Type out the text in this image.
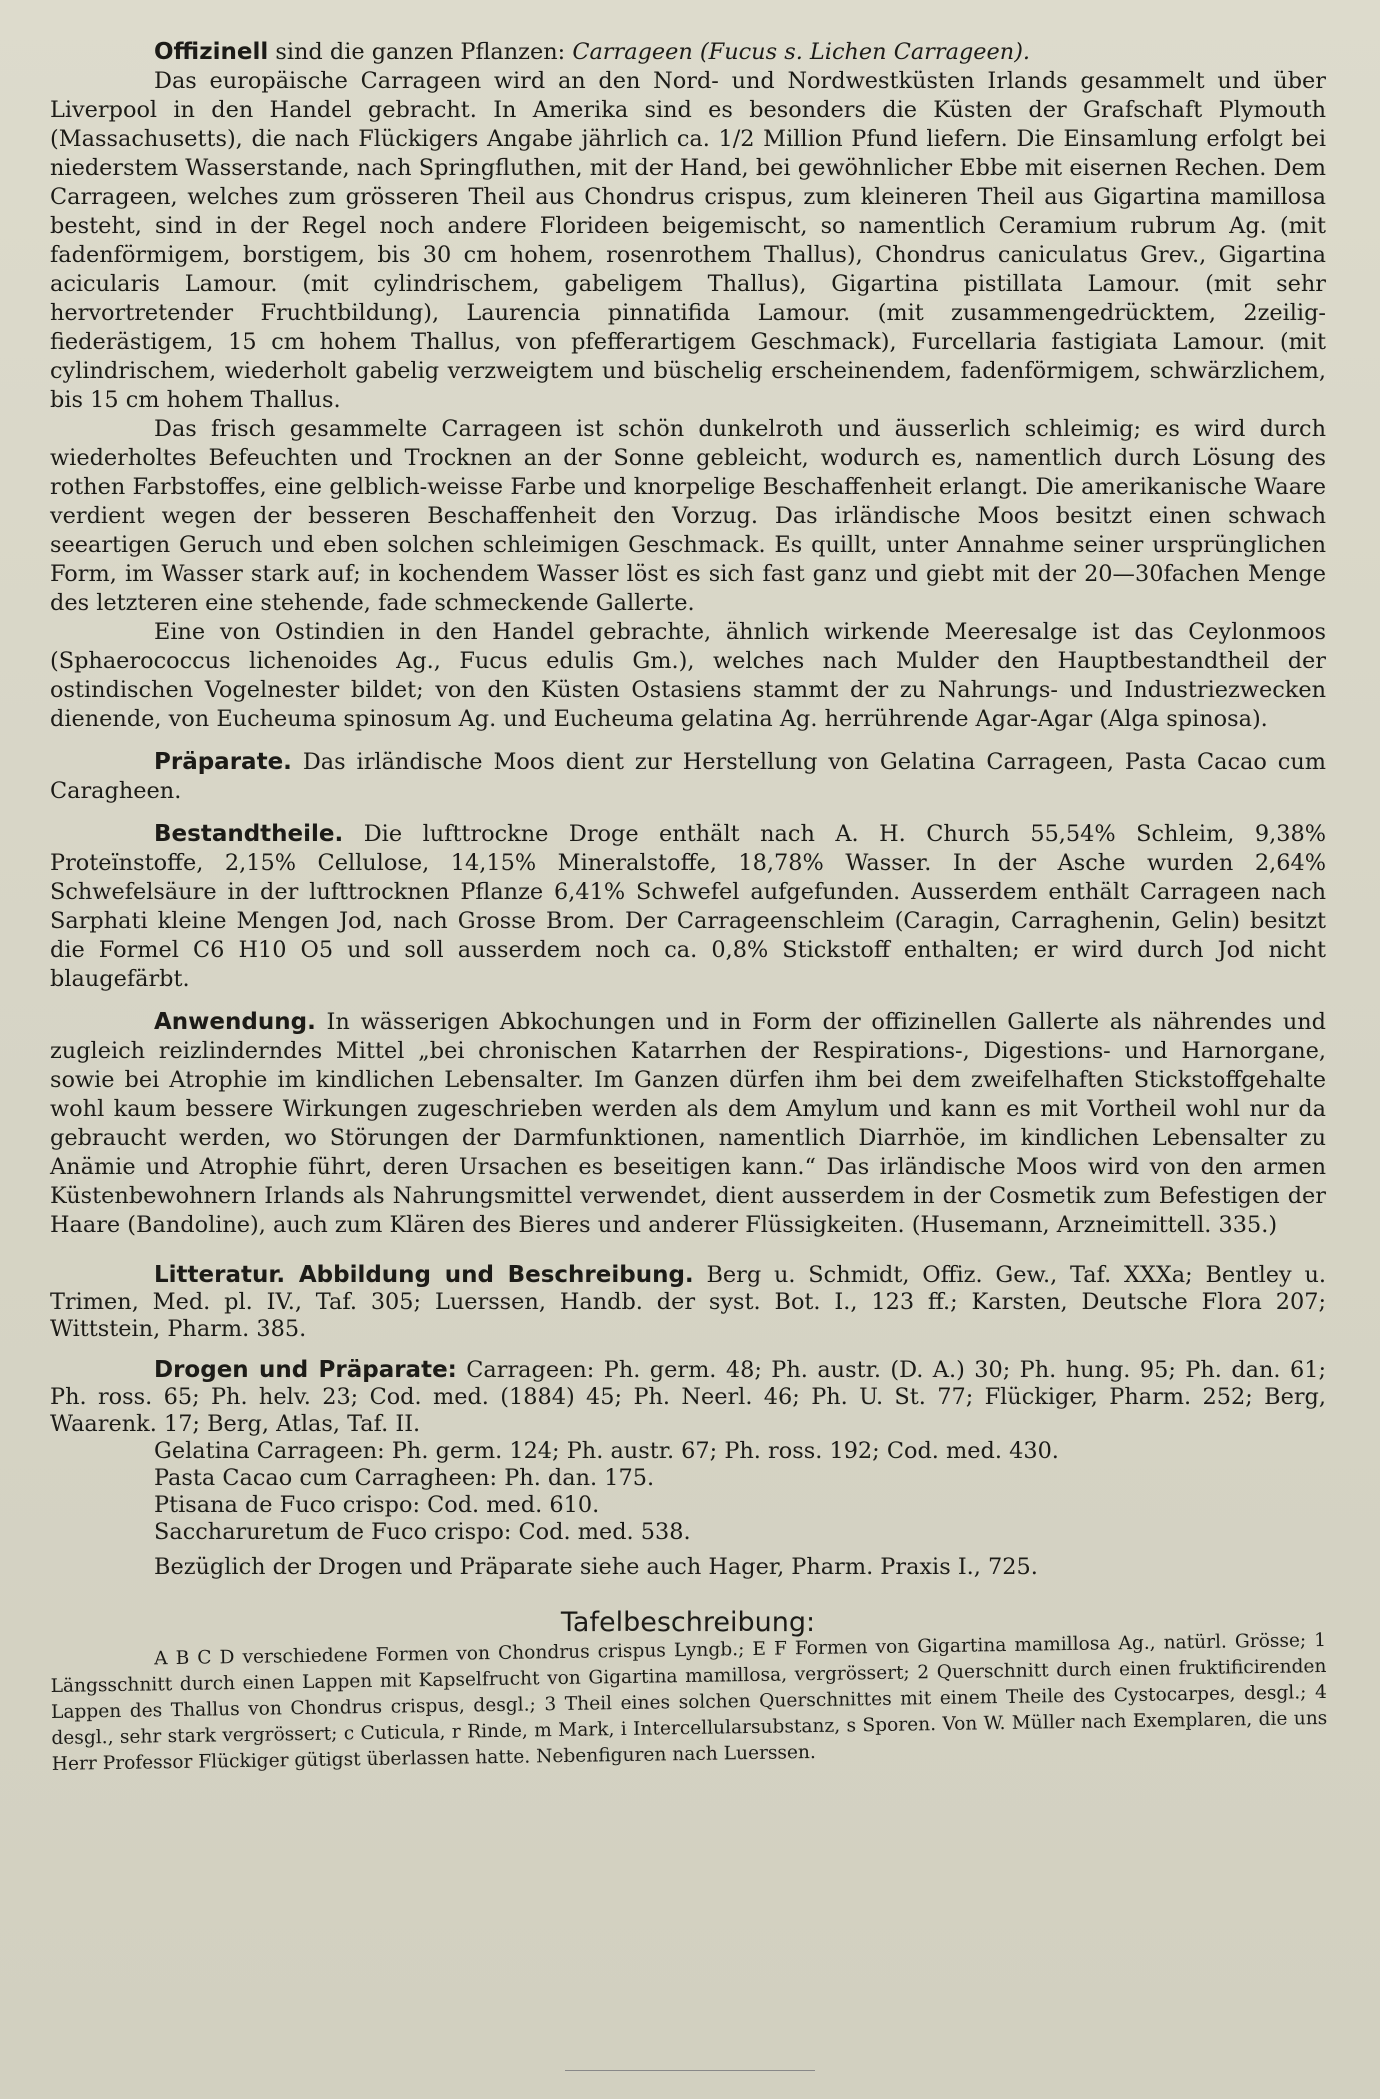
Offizinell sind die ganzen Pflanzen: Carrageen (Fucus s. Lichen Carrageen).

Das europäische Carrageen wird an den Nord- und Nordwestküsten Irlands gesammelt und über Liverpool in den Handel gebracht. In Amerika sind es besonders die Küsten der Grafschaft Plymouth (Massachusetts), die nach Flückigers Angabe jährlich ca. 1/2 Million Pfund liefern. Die Einsamlung erfolgt bei niederstem Wasserstande, nach Springfluthen, mit der Hand, bei gewöhnlicher Ebbe mit eisernen Rechen. Dem Carrageen, welches zum grösseren Theil aus Chondrus crispus, zum kleineren Theil aus Gigartina mamillosa besteht, sind in der Regel noch andere Florideen beigemischt, so namentlich Ceramium rubrum Ag. (mit fadenförmigem, borstigem, bis 30 cm hohem, rosenrothem Thallus), Chondrus caniculatus Grev., Gigartina acicularis Lamour. (mit cylindrischem, gabeligem Thallus), Gigartina pistillata Lamour. (mit sehr hervortretender Fruchtbildung), Laurencia pinnatifida Lamour. (mit zusammengedrücktem, 2zeilig-fiederästigem, 15 cm hohem Thallus, von pfefferartigem Geschmack), Furcellaria fastigiata Lamour. (mit cylindrischem, wiederholt gabelig verzweigtem und büschelig erscheinendem, fadenförmigem, schwärzlichem, bis 15 cm hohem Thallus.

Das frisch gesammelte Carrageen ist schön dunkelroth und äusserlich schleimig; es wird durch wiederholtes Befeuchten und Trocknen an der Sonne gebleicht, wodurch es, namentlich durch Lösung des rothen Farbstoffes, eine gelblich-weisse Farbe und knorpelige Beschaffenheit erlangt. Die amerikanische Waare verdient wegen der besseren Beschaffenheit den Vorzug. Das irländische Moos besitzt einen schwach seeartigen Geruch und eben solchen schleimigen Geschmack. Es quillt, unter Annahme seiner ursprünglichen Form, im Wasser stark auf; in kochendem Wasser löst es sich fast ganz und giebt mit der 20—30fachen Menge des letzteren eine stehende, fade schmeckende Gallerte.

Eine von Ostindien in den Handel gebrachte, ähnlich wirkende Meeresalge ist das Ceylonmoos (Sphaerococcus lichenoides Ag., Fucus edulis Gm.), welches nach Mulder den Hauptbestandtheil der ostindischen Vogelnester bildet; von den Küsten Ostasiens stammt der zu Nahrungs- und Industriezwecken dienende, von Eucheuma spinosum Ag. und Eucheuma gelatina Ag. herrührende Agar-Agar (Alga spinosa).

Präparate. Das irländische Moos dient zur Herstellung von Gelatina Carrageen, Pasta Cacao cum Caragheen.

Bestandtheile. Die lufttrockne Droge enthält nach A. H. Church 55,54% Schleim, 9,38% Proteïnstoffe, 2,15% Cellulose, 14,15% Mineralstoffe, 18,78% Wasser. In der Asche wurden 2,64% Schwefelsäure in der lufttrocknen Pflanze 6,41% Schwefel aufgefunden. Ausserdem enthält Carrageen nach Sarphati kleine Mengen Jod, nach Grosse Brom. Der Carrageenschleim (Caragin, Carraghenin, Gelin) besitzt die Formel C6 H10 O5 und soll ausserdem noch ca. 0,8% Stickstoff enthalten; er wird durch Jod nicht blaugefärbt.

Anwendung. In wässerigen Abkochungen und in Form der offizinellen Gallerte als nährendes und zugleich reizlinderndes Mittel „bei chronischen Katarrhen der Respirations-, Digestions- und Harnorgane, sowie bei Atrophie im kindlichen Lebensalter. Im Ganzen dürfen ihm bei dem zweifelhaften Stickstoffgehalte wohl kaum bessere Wirkungen zugeschrieben werden als dem Amylum und kann es mit Vortheil wohl nur da gebraucht werden, wo Störungen der Darmfunktionen, namentlich Diarrhöe, im kindlichen Lebensalter zu Anämie und Atrophie führt, deren Ursachen es beseitigen kann.“ Das irländische Moos wird von den armen Küstenbewohnern Irlands als Nahrungsmittel verwendet, dient ausserdem in der Cosmetik zum Befestigen der Haare (Bandoline), auch zum Klären des Bieres und anderer Flüssigkeiten. (Husemann, Arzneimittell. 335.)

Litteratur. Abbildung und Beschreibung. Berg u. Schmidt, Offiz. Gew., Taf. XXXa; Bentley u. Trimen, Med. pl. IV., Taf. 305; Luerssen, Handb. der syst. Bot. I., 123 ff.; Karsten, Deutsche Flora 207; Wittstein, Pharm. 385.

Drogen und Präparate: Carrageen: Ph. germ. 48; Ph. austr. (D. A.) 30; Ph. hung. 95; Ph. dan. 61; Ph. ross. 65; Ph. helv. 23; Cod. med. (1884) 45; Ph. Neerl. 46; Ph. U. St. 77; Flückiger, Pharm. 252; Berg, Waarenk. 17; Berg, Atlas, Taf. II.

Gelatina Carrageen: Ph. germ. 124; Ph. austr. 67; Ph. ross. 192; Cod. med. 430.
Pasta Cacao cum Carragheen: Ph. dan. 175.
Ptisana de Fuco crispo: Cod. med. 610.
Saccharuretum de Fuco crispo: Cod. med. 538.
Bezüglich der Drogen und Präparate siehe auch Hager, Pharm. Praxis I., 725.
Tafelbeschreibung:

A B C D verschiedene Formen von Chondrus crispus Lyngb.; E F Formen von Gigartina mamillosa Ag., natürl. Grösse; 1 Längsschnitt durch einen Lappen mit Kapselfrucht von Gigartina mamillosa, vergrössert; 2 Querschnitt durch einen fruktificirenden Lappen des Thallus von Chondrus crispus, desgl.; 3 Theil eines solchen Querschnittes mit einem Theile des Cystocarpes, desgl.; 4 desgl., sehr stark vergrössert; c Cuticula, r Rinde, m Mark, i Intercellularsubstanz, s Sporen. Von W. Müller nach Exemplaren, die uns Herr Professor Flückiger gütigst überlassen hatte. Nebenfiguren nach Luerssen.
